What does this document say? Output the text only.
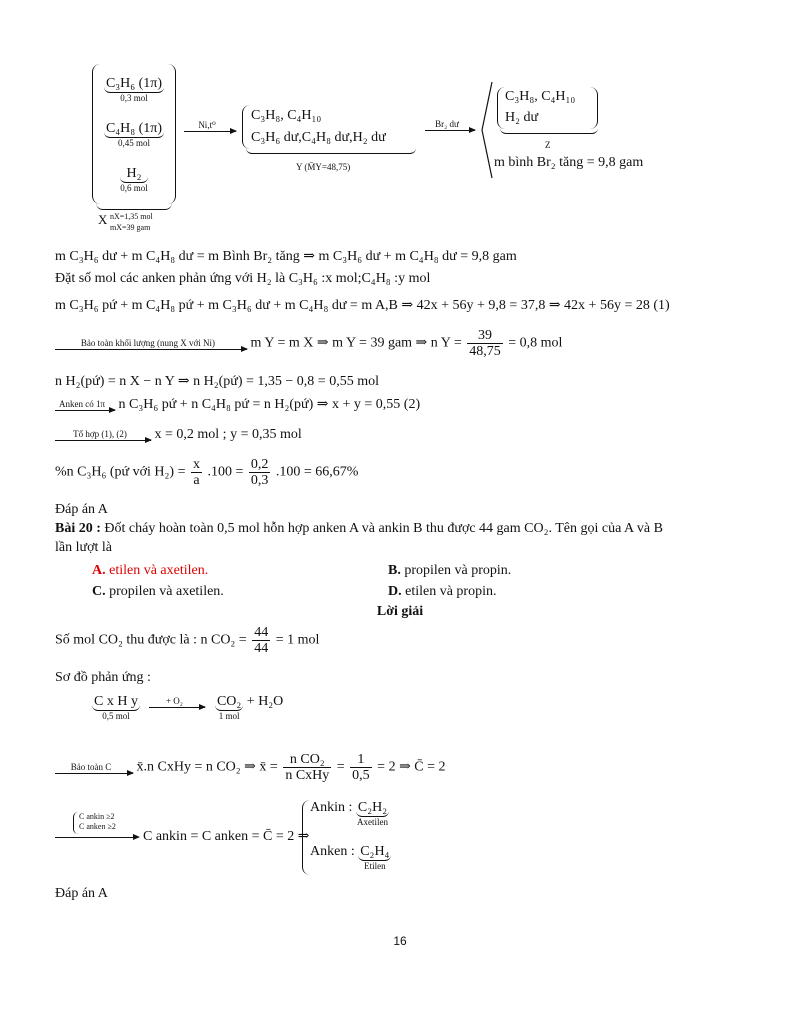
C₃H₆ (1π)
0,3 mol
C₄H₈ (1π)
0,45 mol
H₂
0,6 mol
X nX=1,35 mol
mX=39 gam
Ni,t⁰
C₃H₈, C₄H₁₀
C₃H₆ dư,C₄H₈ dư,H₂ dư
Y (M̄Y=48,75)
Br₂ dư
C₃H₈, C₄H₁₀
H₂ dư
Z
m bình Br₂ tăng = 9,8 gam
m C₃H₆ dư + m C₄H₈ dư = m Bình Br₂ tăng ⇒ m C₃H₆ dư + m C₄H₈ dư = 9,8 gam
Đặt số mol các anken phản ứng với H₂ là C₃H₆ :x mol;C₄H₈ :y mol
m C₃H₆ pứ + m C₄H₈ pứ + m C₃H₆ dư + m C₄H₈ dư = m A,B ⇒ 42x + 56y + 9,8 = 37,8 ⇒ 42x + 56y = 28 (1)
Bảo toàn khối lượng (nung X với Ni)	m Y = m X ⇒ m Y = 39 gam ⇒ n $Y = \frac{39}{48,75} = 0,8$ mol
n H₂(pứ) = n X − n Y ⇒ n H₂(pứ) = 1,35 − 0,8 = 0,55 mol
Anken có 1π n C₃H₆ pứ + n C₄H₈ pứ = n H₂(pứ) ⇒ x + y = 0,55 (2)
Tổ hợp (1), (2)	x = 0,2 mol ; y = 0,35 mol
%n C₃H₆ (pứ với $H_2) = \frac{x}{a} .100 = \frac{0,2}{0,3} .100 = 66,67\%$
Đáp án A
Bài 20 : Đốt cháy hoàn toàn 0,5 mol hỗn hợp anken A và ankin B thu được 44 gam CO₂. Tên gọi của A và B
lần lượt là
A. etilen và axetilen.	B. propilen và propin.
C. propilen và axetilen.	D. etilen và propin.
Lời giải
Số mol CO₂ thu được là : n $CO_2 = \frac{44}{44} = 1$ mol
Sơ đồ phản ứng :
C x H y
0,5 mol

+ O₂
	CO₂
1 mol
+ H₂O
Bảo toàn C	x̄.n CxHy = n CO₂ ⇒ x̄ = $\frac{\text{n CO₂}}{\text{n CxHy}} = \frac{1}{0,5} = 2$ ⇒ C̄ = 2
C ankin ≥2
C anken ≥2
C ankin = C anken = C̄ = 2 ⇒
Ankin : C₂H₂
Axetilen
Anken : C₂H₄
Etilen
Đáp án A
16
